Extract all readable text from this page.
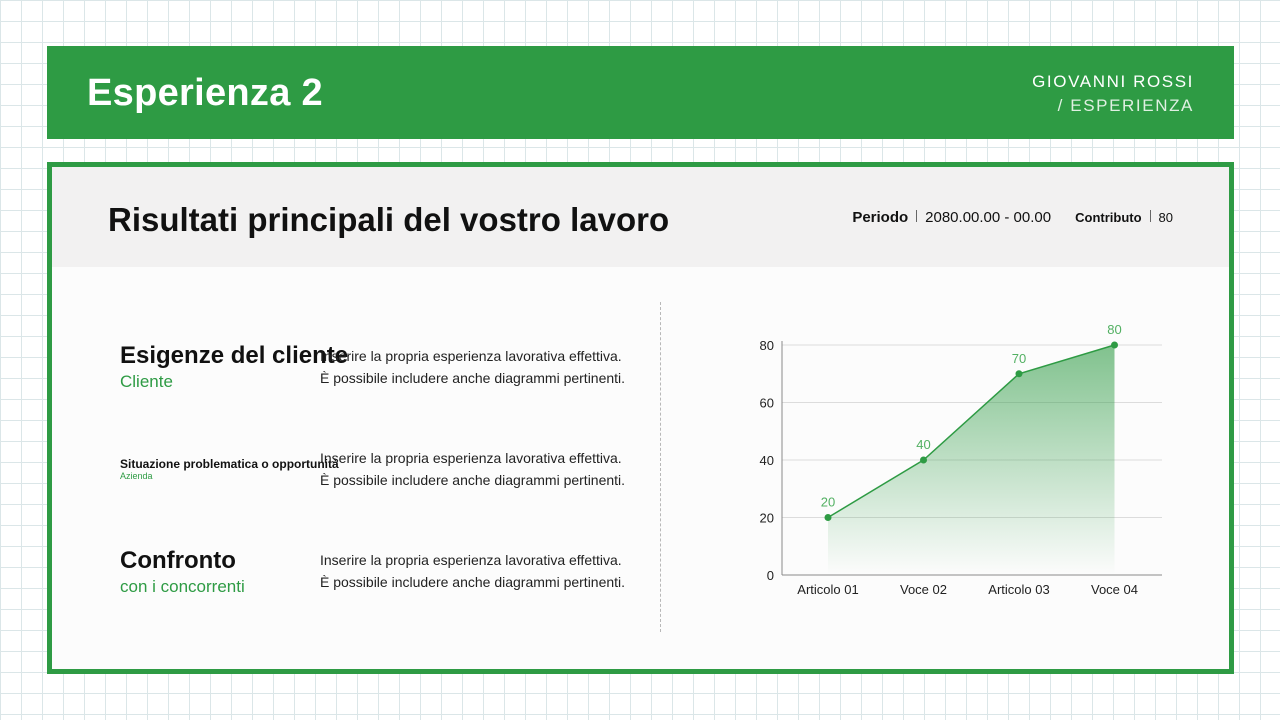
Esperienza 2	GIOVANNI ROSSI
/ ESPERIENZA
Risultati principali del vostro lavoro	Periodo 2080.00.00 - 00.00 Contributo 80
Esigenze del cliente
Cliente
Inserire la propria esperienza lavorativa effettiva.
È possibile includere anche diagrammi pertinenti.
Situazione problematica o opportunità
Azienda
Inserire la propria esperienza lavorativa effettiva.
È possibile includere anche diagrammi pertinenti.
Confronto
con i concorrenti
Inserire la propria esperienza lavorativa effettiva.
È possibile includere anche diagrammi pertinenti.	0
20
40
60
80
20
40
70
80
Articolo 01	Voce 02	Articolo 03	Voce 04
